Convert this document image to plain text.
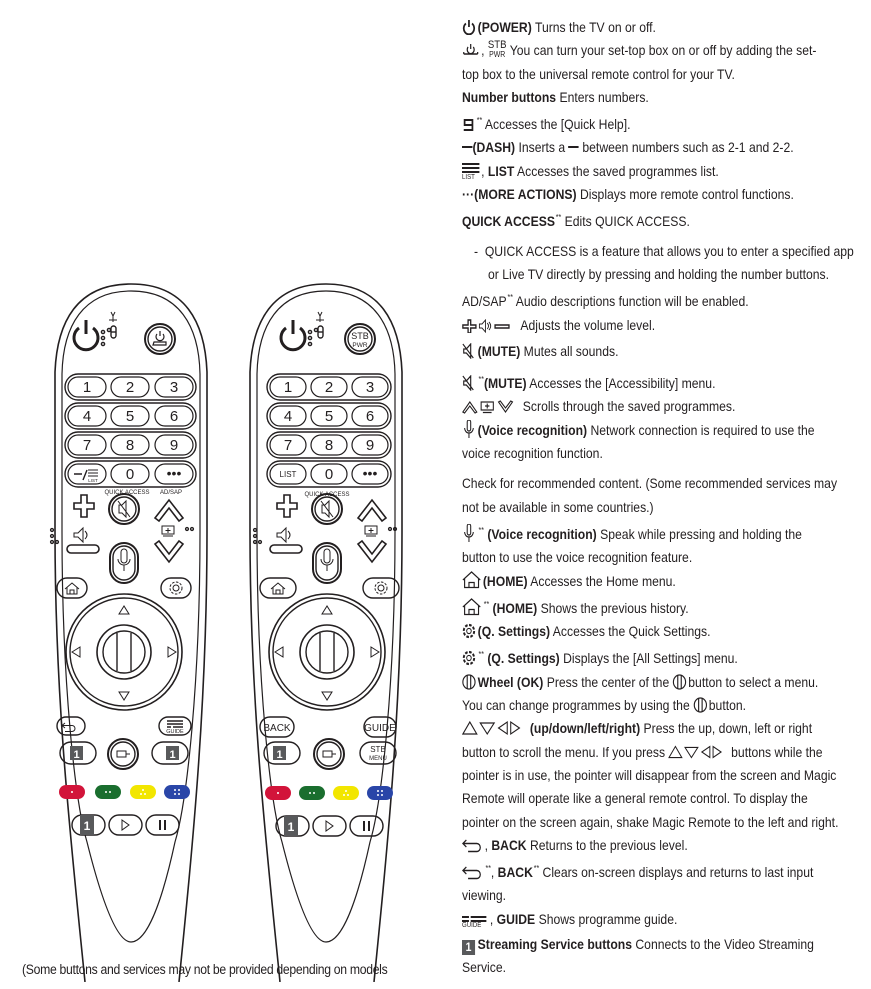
1 2 3
4 5 6
7 8 9
0 •••
LIST
QUICK ACCESS AD/SAP
GUIDE
1	1
1
STB
PWR
1 2 3
4 5 6
7 8 9
0 •••
LIST
QUICK ACCESS
BACK	GUIDE
1	STB
MENU
1
(Some buttons and services may not be provided depending on models
(POWER) Turns the TV on or off.
, STB
PWR You can turn your set-top box on or off by adding the set-
top box to the universal remote control for your TV.
Number buttons Enters numbers.
** Accesses the [Quick Help].
(DASH) Inserts a between numbers such as 2-1 and 2-2.
LIST , LIST Accesses the saved programmes list.
···(MORE ACTIONS) Displays more remote control functions.
QUICK ACCESS** Edits QUICK ACCESS.
- QUICK ACCESS is a feature that allows you to enter a specified app
or Live TV directly by pressing and holding the number buttons.
AD/SAP** Audio descriptions function will be enabled.
Adjusts the volume level.
(MUTE) Mutes all sounds.
**(MUTE) Accesses the [Accessibility] menu.
Scrolls through the saved programmes.
(Voice recognition) Network connection is required to use the
voice recognition function.
Check for recommended content. (Some recommended services may
not be available in some countries.)
** (Voice recognition) Speak while pressing and holding the
button to use the voice recognition feature.
(HOME) Accesses the Home menu.
** (HOME) Shows the previous history.
(Q. Settings) Accesses the Quick Settings.
** (Q. Settings) Displays the [All Settings] menu.
Wheel (OK) Press the center of the button to select a menu.
You can change programmes by using the button.
(up/down/left/right) Press the up, down, left or right
button to scroll the menu. If you press	buttons while the
pointer is in use, the pointer will disappear from the screen and Magic
Remote will operate like a general remote control. To display the
pointer on the screen again, shake Magic Remote to the left and right.
, BACK Returns to the previous level.
**, BACK** Clears on-screen displays and returns to last input
viewing.
GUIDE , GUIDE Shows programme guide.
1 Streaming Service buttons Connects to the Video Streaming
Service.
